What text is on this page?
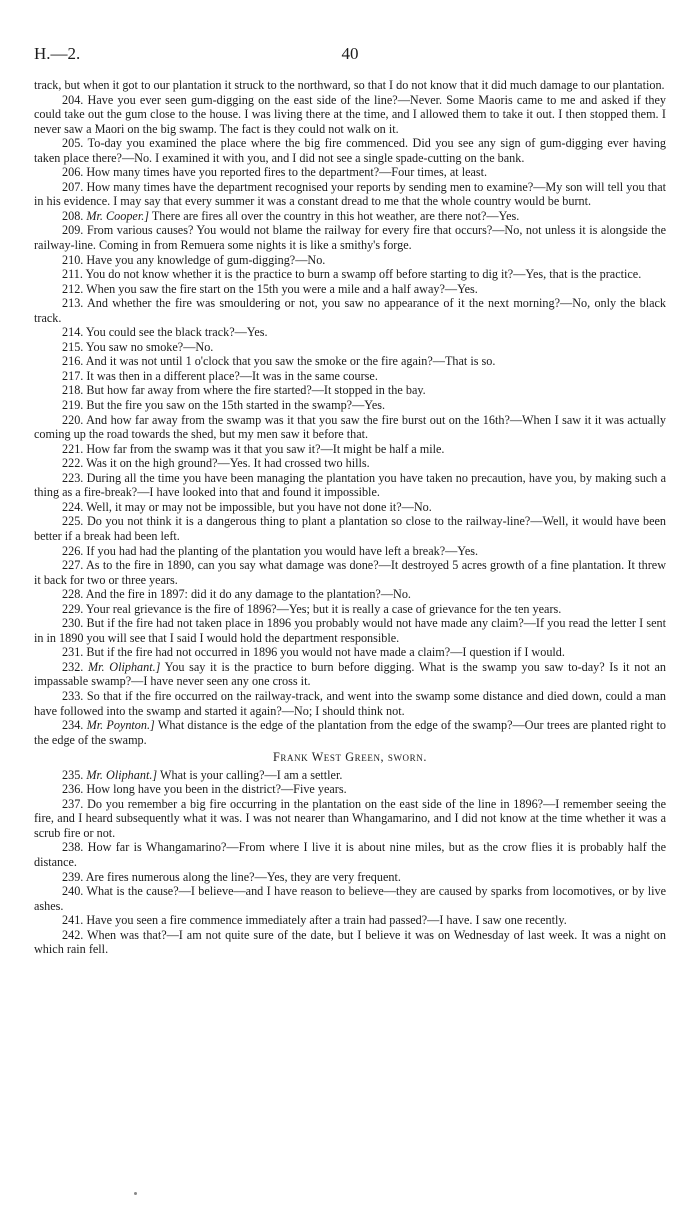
H.—2.	40

track, but when it got to our plantation it struck to the northward, so that I do not know that it did much damage to our plantation.

204. Have you ever seen gum-digging on the east side of the line?—Never. Some Maoris came to me and asked if they could take out the gum close to the house. I was living there at the time, and I allowed them to take it out. I then stopped them. I never saw a Maori on the big swamp. The fact is they could not walk on it.

205. To-day you examined the place where the big fire commenced. Did you see any sign of gum-digging ever having taken place there?—No. I examined it with you, and I did not see a single spade-cutting on the bank.

206. How many times have you reported fires to the department?—Four times, at least.

207. How many times have the department recognised your reports by sending men to examine?—My son will tell you that in his evidence. I may say that every summer it was a constant dread to me that the whole country would be burnt.

208. Mr. Cooper.] There are fires all over the country in this hot weather, are there not?—Yes.

209. From various causes? You would not blame the railway for every fire that occurs?—No, not unless it is alongside the railway-line. Coming in from Remuera some nights it is like a smithy's forge.

210. Have you any knowledge of gum-digging?—No.

211. You do not know whether it is the practice to burn a swamp off before starting to dig it?—Yes, that is the practice.

212. When you saw the fire start on the 15th you were a mile and a half away?—Yes.

213. And whether the fire was smouldering or not, you saw no appearance of it the next morning?—No, only the black track.

214. You could see the black track?—Yes.

215. You saw no smoke?—No.

216. And it was not until 1 o'clock that you saw the smoke or the fire again?—That is so.

217. It was then in a different place?—It was in the same course.

218. But how far away from where the fire started?—It stopped in the bay.

219. But the fire you saw on the 15th started in the swamp?—Yes.

220. And how far away from the swamp was it that you saw the fire burst out on the 16th?—When I saw it it was actually coming up the road towards the shed, but my men saw it before that.

221. How far from the swamp was it that you saw it?—It might be half a mile.

222. Was it on the high ground?—Yes. It had crossed two hills.

223. During all the time you have been managing the plantation you have taken no precaution, have you, by making such a thing as a fire-break?—I have looked into that and found it impossible.

224. Well, it may or may not be impossible, but you have not done it?—No.

225. Do you not think it is a dangerous thing to plant a plantation so close to the railway-line?—Well, it would have been better if a break had been left.

226. If you had had the planting of the plantation you would have left a break?—Yes.

227. As to the fire in 1890, can you say what damage was done?—It destroyed 5 acres growth of a fine plantation. It threw it back for two or three years.

228. And the fire in 1897: did it do any damage to the plantation?—No.

229. Your real grievance is the fire of 1896?—Yes; but it is really a case of grievance for the ten years.

230. But if the fire had not taken place in 1896 you probably would not have made any claim?—If you read the letter I sent in in 1890 you will see that I said I would hold the department responsible.

231. But if the fire had not occurred in 1896 you would not have made a claim?—I question if I would.

232. Mr. Oliphant.] You say it is the practice to burn before digging. What is the swamp you saw to-day? Is it not an impassable swamp?—I have never seen any one cross it.

233. So that if the fire occurred on the railway-track, and went into the swamp some distance and died down, could a man have followed into the swamp and started it again?—No; I should think not.

234. Mr. Poynton.] What distance is the edge of the plantation from the edge of the swamp?—Our trees are planted right to the edge of the swamp.

Frank West Green, sworn.

235. Mr. Oliphant.] What is your calling?—I am a settler.

236. How long have you been in the district?—Five years.

237. Do you remember a big fire occurring in the plantation on the east side of the line in 1896?—I remember seeing the fire, and I heard subsequently what it was. I was not nearer than Whangamarino, and I did not know at the time whether it was a scrub fire or not.

238. How far is Whangamarino?—From where I live it is about nine miles, but as the crow flies it is probably half the distance.

239. Are fires numerous along the line?—Yes, they are very frequent.

240. What is the cause?—I believe—and I have reason to believe—they are caused by sparks from locomotives, or by live ashes.

241. Have you seen a fire commence immediately after a train had passed?—I have. I saw one recently.

242. When was that?—I am not quite sure of the date, but I believe it was on Wednesday of last week. It was a night on which rain fell.
